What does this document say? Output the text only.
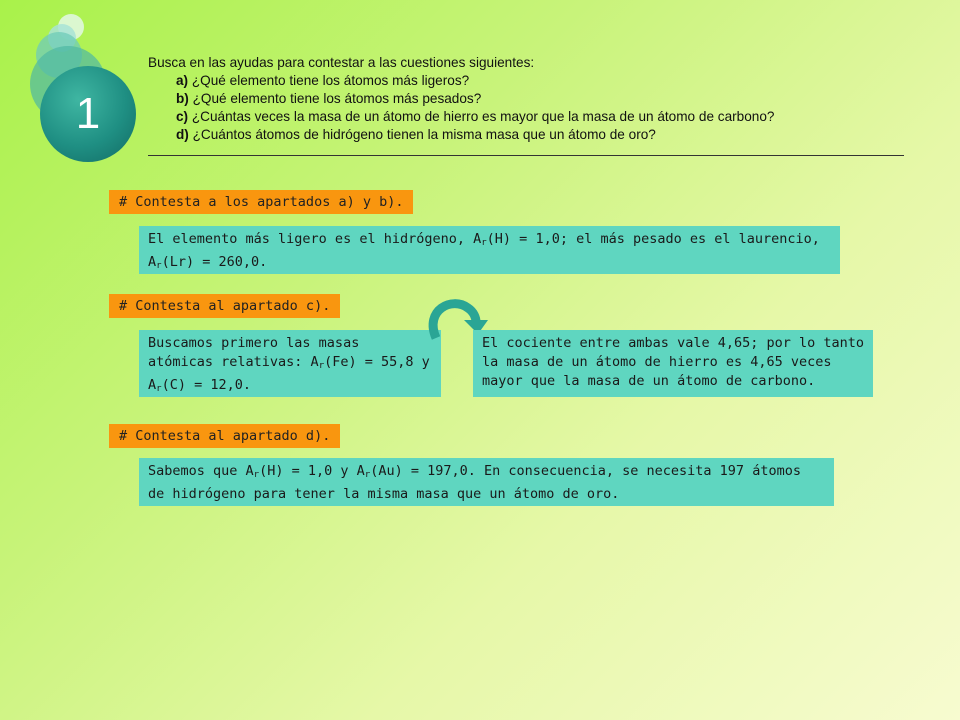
1
Busca en las ayudas para contestar a las cuestiones siguientes:
a) ¿Qué elemento tiene los átomos más ligeros?
b) ¿Qué elemento tiene los átomos más pesados?
c) ¿Cuántas veces la masa de un átomo de hierro es mayor que la masa de un átomo de carbono?
d) ¿Cuántos átomos de hidrógeno tienen la misma masa que un átomo de oro?
# Contesta a los apartados a) y b).
El elemento más ligero es el hidrógeno, $A_r(H) = 1,0$; el más pesado es el laurencio, $A_r(Lr) = 260,0$.
# Contesta al apartado c).
Buscamos primero las masas atómicas relativas: $A_r(Fe) = 55,8$ y $A_r(C) = 12,0$.
El cociente entre ambas vale 4,65; por lo tanto la masa de un átomo de hierro es 4,65 veces mayor que la masa de un átomo de carbono.
# Contesta al apartado d).
Sabemos que $A_r(H) = 1,0$ y $A_r(Au) = 197,0$. En consecuencia, se necesita 197 átomos de hidrógeno para tener la misma masa que un átomo de oro.
